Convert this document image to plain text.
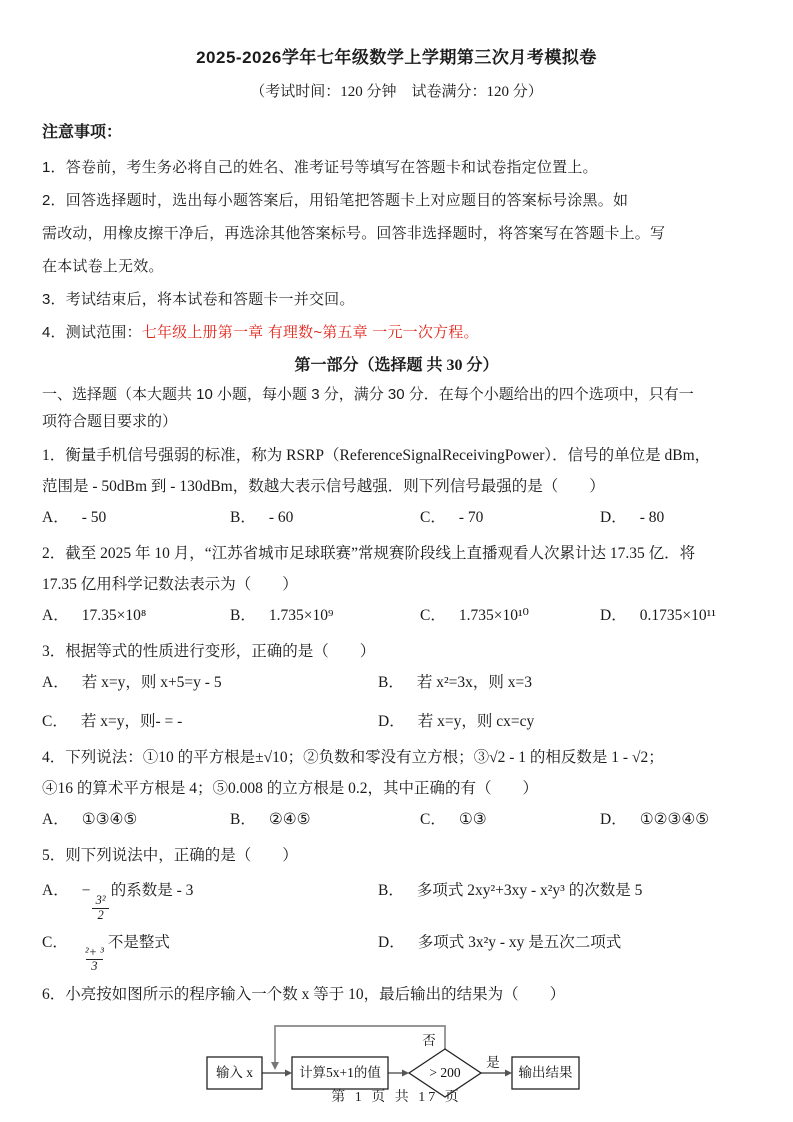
2025-2026学年七年级数学上学期第三次月考模拟卷
（考试时间：120 分钟　试卷满分：120 分）
注意事项：

1．答卷前，考生务必将自己的姓名、准考证号等填写在答题卡和试卷指定位置上。

2．回答选择题时，选出每小题答案后，用铅笔把答题卡上对应题目的答案标号涂黑。如

需改动，用橡皮擦干净后，再选涂其他答案标号。回答非选择题时，将答案写在答题卡上。写

在本试卷上无效。

3．考试结束后，将本试卷和答题卡一并交回。

4．测试范围：七年级上册第一章 有理数~第五章 一元一次方程。

第一部分（选择题 共 30 分）

一、选择题（本大题共 10 小题，每小题 3 分，满分 30 分．在每个小题给出的四个选项中，只有一

项符合题目要求的）

1．衡量手机信号强弱的标准，称为 RSRP（ReferenceSignalReceivingPower）．信号的单位是 dBm，

范围是 - 50dBm 到 - 130dBm，数越大表示信号越强．则下列信号最强的是（　　）

A． - 50	B． - 60	C． - 70	D． - 80

2．截至 2025 年 10 月，“江苏省城市足球联赛”常规赛阶段线上直播观看人次累计达 17.35 亿．将

17.35 亿用科学记数法表示为（　　）

A． 17.35×10⁸	B． 1.735×10⁹	C． 1.735×10¹⁰	D． 0.1735×10¹¹

3．根据等式的性质进行变形，正确的是（　　）

A． 若 x=y，则 x+5=y - 5	B． 若 x²=3x，则 x=3
C． 若 x=y，则- = -	D． 若 x=y，则 cx=cy

4．下列说法：①10 的平方根是±√10；②负数和零没有立方根；③√2 - 1 的相反数是 1 - √2；

④16 的算术平方根是 4；⑤0.008 的立方根是 0.2，其中正确的有（　　）

A． ①③④⑤	B． ②④⑤	C． ①③	D． ①②③④⑤

5．则下列说法中，正确的是（　　）

A． −
$\frac{\text{3²}}{2}$
的系数是 - 3	B． 多项式 2xy²+3xy - x²y³ 的次数是 5
C．
$\frac{\text{²+ ³}}{3}$
不是整式	D． 多项式 3x²y - xy 是五次二项式

6．小亮按如图所示的程序输入一个数 x 等于 10，最后输出的结果为（　　）

输入 x	计算5x+1的值	> 200	输出结果
否
是
第 1 页 共 17 页
